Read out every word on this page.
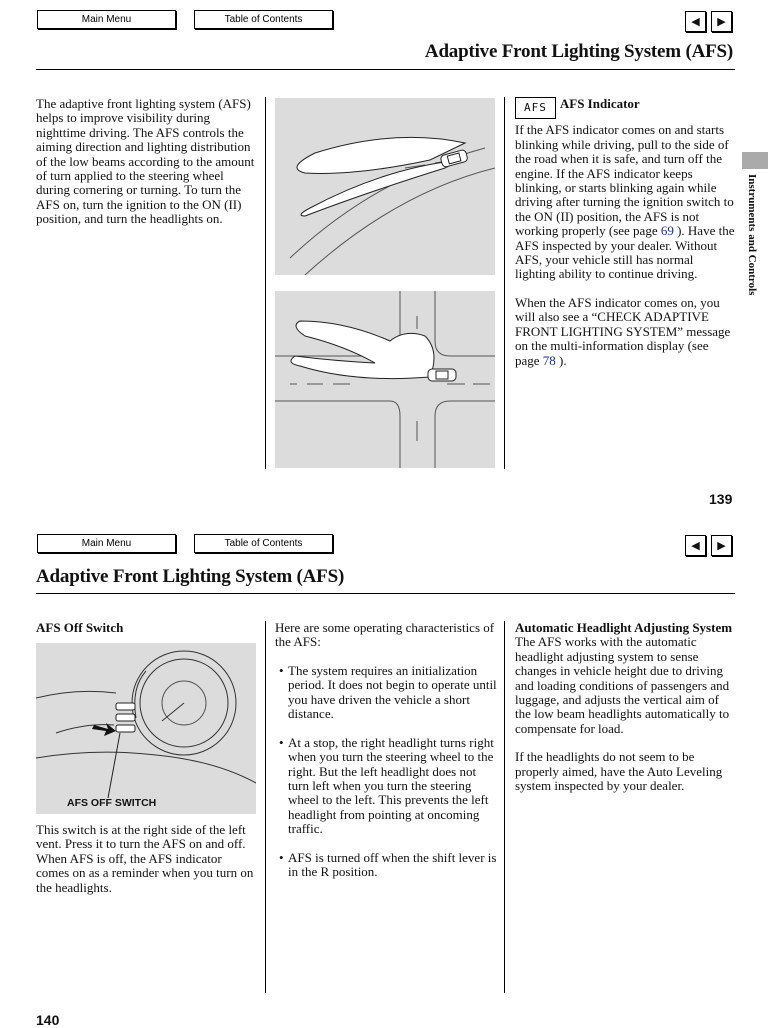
Main Menu	Table of Contents	◀	▶
Adaptive Front Lighting System (AFS)
Instruments and Controls
The adaptive front lighting system (AFS) helps to improve visibility during nighttime driving. The AFS controls the aiming direction and lighting distribution of the low beams according to the amount of turn applied to the steering wheel during cornering or turning. To turn the AFS on, turn the ignition to the ON (II) position, and turn the headlights on.
AFS AFS Indicator
If the AFS indicator comes on and starts blinking while driving, pull to the side of the road when it is safe, and turn off the engine. If the AFS indicator keeps blinking, or starts blinking again while driving after turning the ignition switch to the ON (II) position, the AFS is not working properly (see page 69 ). Have the AFS inspected by your dealer. Without AFS, your vehicle still has normal lighting ability to continue driving.
When the AFS indicator comes on, you will also see a “CHECK ADAPTIVE FRONT LIGHTING SYSTEM” message on the multi-information display (see page 78 ).
139
Main Menu	Table of Contents	◀	▶
Adaptive Front Lighting System (AFS)
AFS Off Switch
AFS OFF SWITCH
This switch is at the right side of the left vent. Press it to turn the AFS on and off. When AFS is off, the AFS indicator comes on as a reminder when you turn on the headlights.
Here are some operating characteristics of the AFS:
• The system requires an initialization period. It does not begin to operate until you have driven the vehicle a short distance.
• At a stop, the right headlight turns right when you turn the steering wheel to the right. But the left headlight does not turn left when you turn the steering wheel to the left. This prevents the left headlight from pointing at oncoming traffic.
• AFS is turned off when the shift lever is in the R position.
Automatic Headlight Adjusting System
The AFS works with the automatic headlight adjusting system to sense changes in vehicle height due to driving and loading conditions of passengers and luggage, and adjusts the vertical aim of the low beam headlights automatically to compensate for load.
If the headlights do not seem to be properly aimed, have the Auto Leveling system inspected by your dealer.
140
